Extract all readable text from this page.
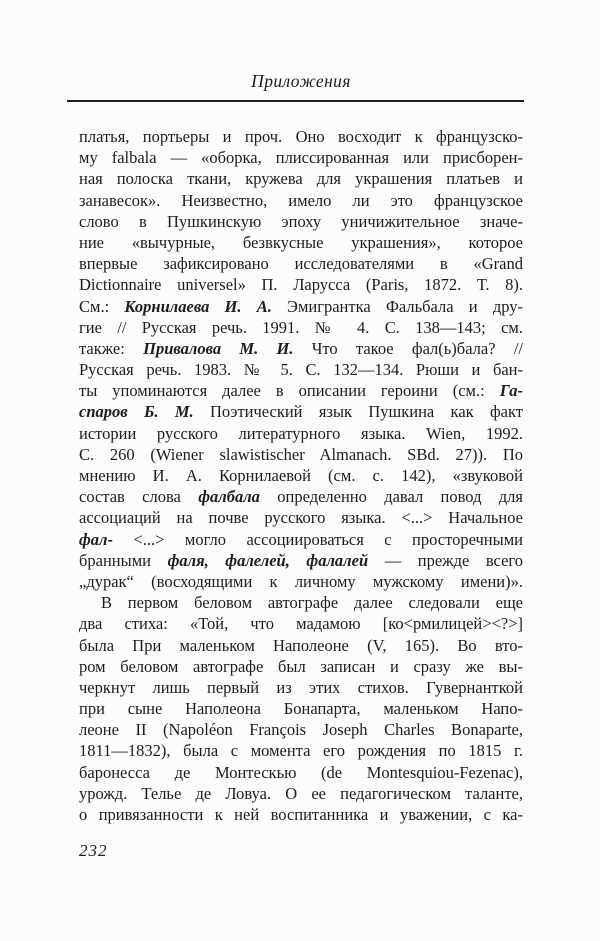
Приложения
платья, портьеры и проч. Оно восходит к французско-
му falbala — «оборка, плиссированная или присборен-
ная полоска ткани, кружева для украшения платьев и
занавесок». Неизвестно, имело ли это французское
слово в Пушкинскую эпоху уничижительное значе-
ние «вычурные, безвкусные украшения», которое
впервые зафиксировано исследователями в «Grand
Dictionnaire universel» П. Ларусса (Paris, 1872. Т. 8).
См.: Корнилаева И. А. Эмигрантка Фальбала и дру-
гие // Русская речь. 1991. № 4. С. 138—143; см.
также: Привалова М. И. Что такое фал(ь)бала? //
Русская речь. 1983. № 5. С. 132—134. Рюши и бан-
ты упоминаются далее в описании героини (см.: Га-
спаров Б. М. Поэтический язык Пушкина как факт
истории русского литературного языка. Wien, 1992.
С. 260 (Wiener slawistischer Almanach. SBd. 27)). По
мнению И. А. Корнилаевой (см. с. 142), «звуковой
состав слова фалбала определенно давал повод для
ассоциаций на почве русского языка. <...> Начальное
фал- <...> могло ассоциироваться с просторечными
бранными фаля, фалелей, фалалей — прежде всего
„дурак“ (восходящими к личному мужскому имени)».
В первом беловом автографе далее следовали еще
два стиха: «Той, что мадамою [ко<рмилицей><?>]
была При маленьком Наполеоне (V, 165). Во вто-
ром беловом автографе был записан и сразу же вы-
черкнут лишь первый из этих стихов. Гувернанткой
при сыне Наполеона Бонапарта, маленьком Напо-
леоне II (Napoléon François Joseph Charles Bonaparte,
1811—1832), была с момента его рождения по 1815 г.
баронесса де Монтескью (de Montesquiou-Fezenac),
урожд. Телье де Ловуа. О ее педагогическом таланте,
о привязанности к ней воспитанника и уважении, с ка-
232
